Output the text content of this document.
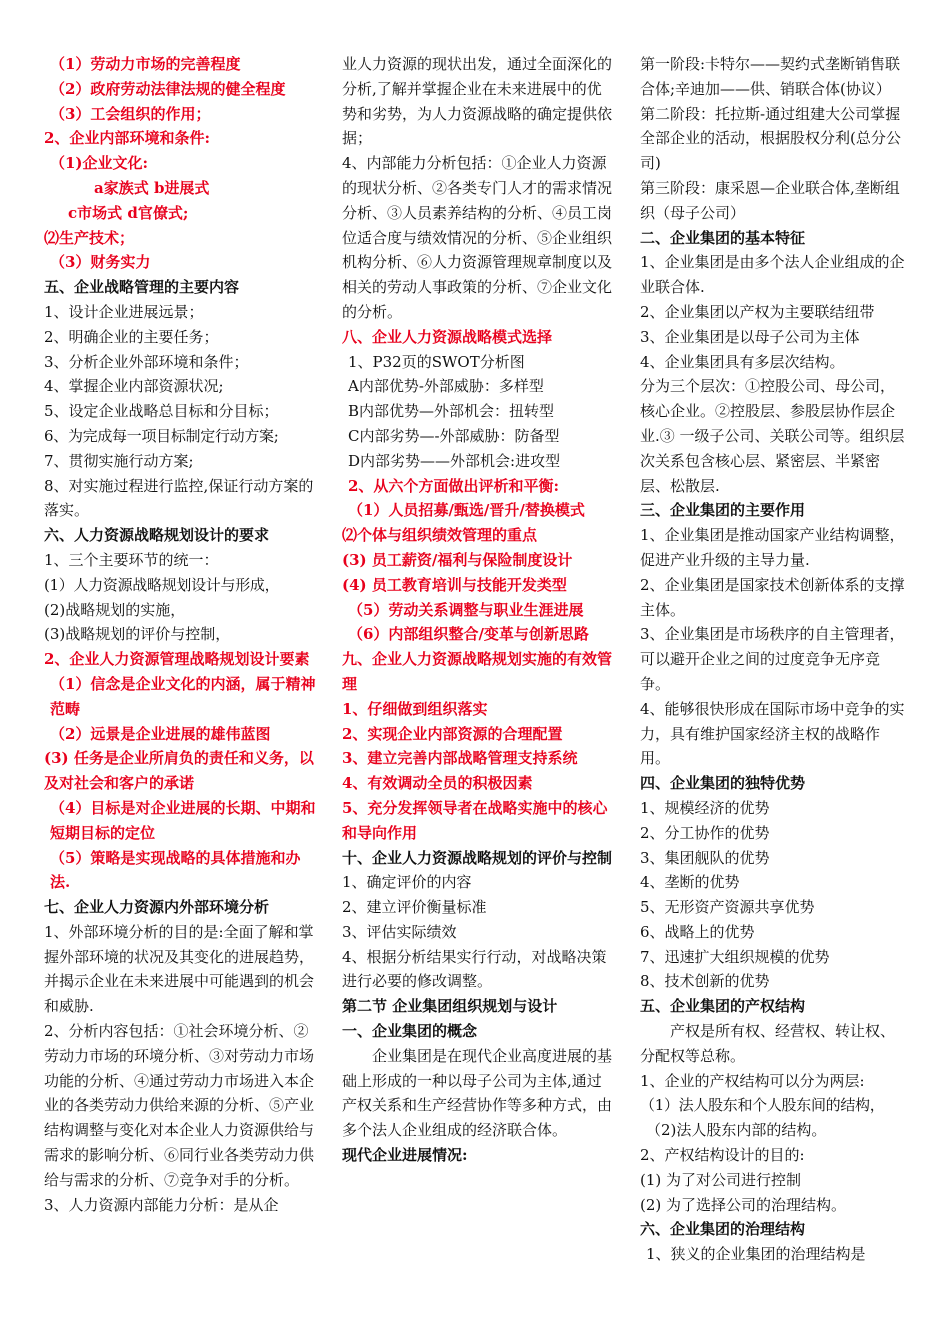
（1）劳动力市场的完善程度

（2）政府劳动法律法规的健全程度

（3）工会组织的作用；

2、企业内部环境和条件:

（1)企业文化:

a家族式 b进展式

c市场式 d官僚式;

⑵生产技术；

（3）财务实力

五、企业战略管理的主要内容

1、设计企业进展远景；

2、明确企业的主要任务；

3、分析企业外部环境和条件；

4、掌握企业内部资源状况;

5、设定企业战略总目标和分目标；

6、为完成每一项目标制定行动方案;

7、贯彻实施行动方案;

8、对实施过程进行监控,保证行动方案的落实。

六、人力资源战略规划设计的要求

1、三个主要环节的统一：

(1）人力资源战略规划设计与形成，

(2)战略规划的实施，

(3)战略规划的评价与控制，

2、企业人力资源管理战略规划设计要素

（1）信念是企业文化的内涵，属于精神范畴

（2）远景是企业进展的雄伟蓝图

(3) 任务是企业所肩负的责任和义务，以及对社会和客户的承诺

（4）目标是对企业进展的长期、中期和短期目标的定位

（5）策略是实现战略的具体措施和办法.

七、企业人力资源内外部环境分析

1、外部环境分析的目的是:全面了解和掌握外部环境的状况及其变化的进展趋势，并揭示企业在未来进展中可能遇到的机会和威胁.

2、分析内容包括：①社会环境分析、②劳动力市场的环境分析、③对劳动力市场功能的分析、④通过劳动力市场进入本企业的各类劳动力供给来源的分析、⑤产业结构调整与变化对本企业人力资源供给与需求的影响分析、⑥同行业各类劳动力供给与需求的分析、⑦竞争对手的分析。

3、人力资源内部能力分析：是从企

业人力资源的现状出发，通过全面深化的分析,了解并掌握企业在未来进展中的优势和劣势，为人力资源战略的确定提供依据；

4、内部能力分析包括：①企业人力资源的现状分析、②各类专门人才的需求情况分析、③人员素养结构的分析、④员工岗位适合度与绩效情况的分析、⑤企业组织机构分析、⑥人力资源管理规章制度以及相关的劳动人事政策的分析、⑦企业文化的分析。

八、企业人力资源战略模式选择

1、P32页的SWOT分析图

A内部优势-外部威胁：多样型

B内部优势—外部机会：扭转型

C内部劣势—-外部威胁：防备型

D内部劣势——外部机会:进攻型

2、从六个方面做出评析和平衡:

（1）人员招募/甄选/晋升/替换模式

⑵个体与组织绩效管理的重点

(3) 员工薪资/福利与保险制度设计

(4) 员工教育培训与技能开发类型

（5）劳动关系调整与职业生涯进展

（6）内部组织整合/变革与创新思路

九、企业人力资源战略规划实施的有效管理

1、仔细做到组织落实

2、实现企业内部资源的合理配置

3、建立完善内部战略管理支持系统

4、有效调动全员的积极因素

5、充分发挥领导者在战略实施中的核心和导向作用

十、企业人力资源战略规划的评价与控制

1、确定评价的内容

2、建立评价衡量标准

3、评估实际绩效

4、根据分析结果实行行动，对战略决策进行必要的修改调整。

第二节 企业集团组织规划与设计

一、企业集团的概念

企业集团是在现代企业高度进展的基础上形成的一种以母子公司为主体,通过产权关系和生产经营协作等多种方式，由多个法人企业组成的经济联合体。

现代企业进展情况:

第一阶段:卡特尔——契约式垄断销售联合体;辛迪加——供、销联合体(协议）

第二阶段：托拉斯-通过组建大公司掌握全部企业的活动，根据股权分利(总分公司)

第三阶段：康采恩—企业联合体,垄断组织（母子公司）

二、企业集团的基本特征

1、企业集团是由多个法人企业组成的企业联合体.

2、企业集团以产权为主要联结纽带

3、企业集团是以母子公司为主体

4、企业集团具有多层次结构。

分为三个层次：①控股公司、母公司，核心企业。②控股层、参股层协作层企业.③ 一级子公司、关联公司等。组织层次关系包含核心层、紧密层、半紧密层、松散层.

三、企业集团的主要作用

1、企业集团是推动国家产业结构调整，促进产业升级的主导力量.

2、企业集团是国家技术创新体系的支撑主体。

3、企业集团是市场秩序的自主管理者，可以避开企业之间的过度竞争无序竞争。

4、能够很快形成在国际市场中竞争的实力，具有维护国家经济主权的战略作用。

四、企业集团的独特优势

1、规模经济的优势

2、分工协作的优势

3、集团舰队的优势

4、垄断的优势

5、无形资产资源共享优势

6、战略上的优势

7、迅速扩大组织规模的优势

8、技术创新的优势

五、企业集团的产权结构

产权是所有权、经营权、转让权、分配权等总称。

1、企业的产权结构可以分为两层:

（1）法人股东和个人股东间的结构，

（2)法人股东内部的结构。

2、产权结构设计的目的:

(1) 为了对公司进行控制

(2) 为了选择公司的治理结构。

六、企业集团的治理结构

1、狭义的企业集团的治理结构是
